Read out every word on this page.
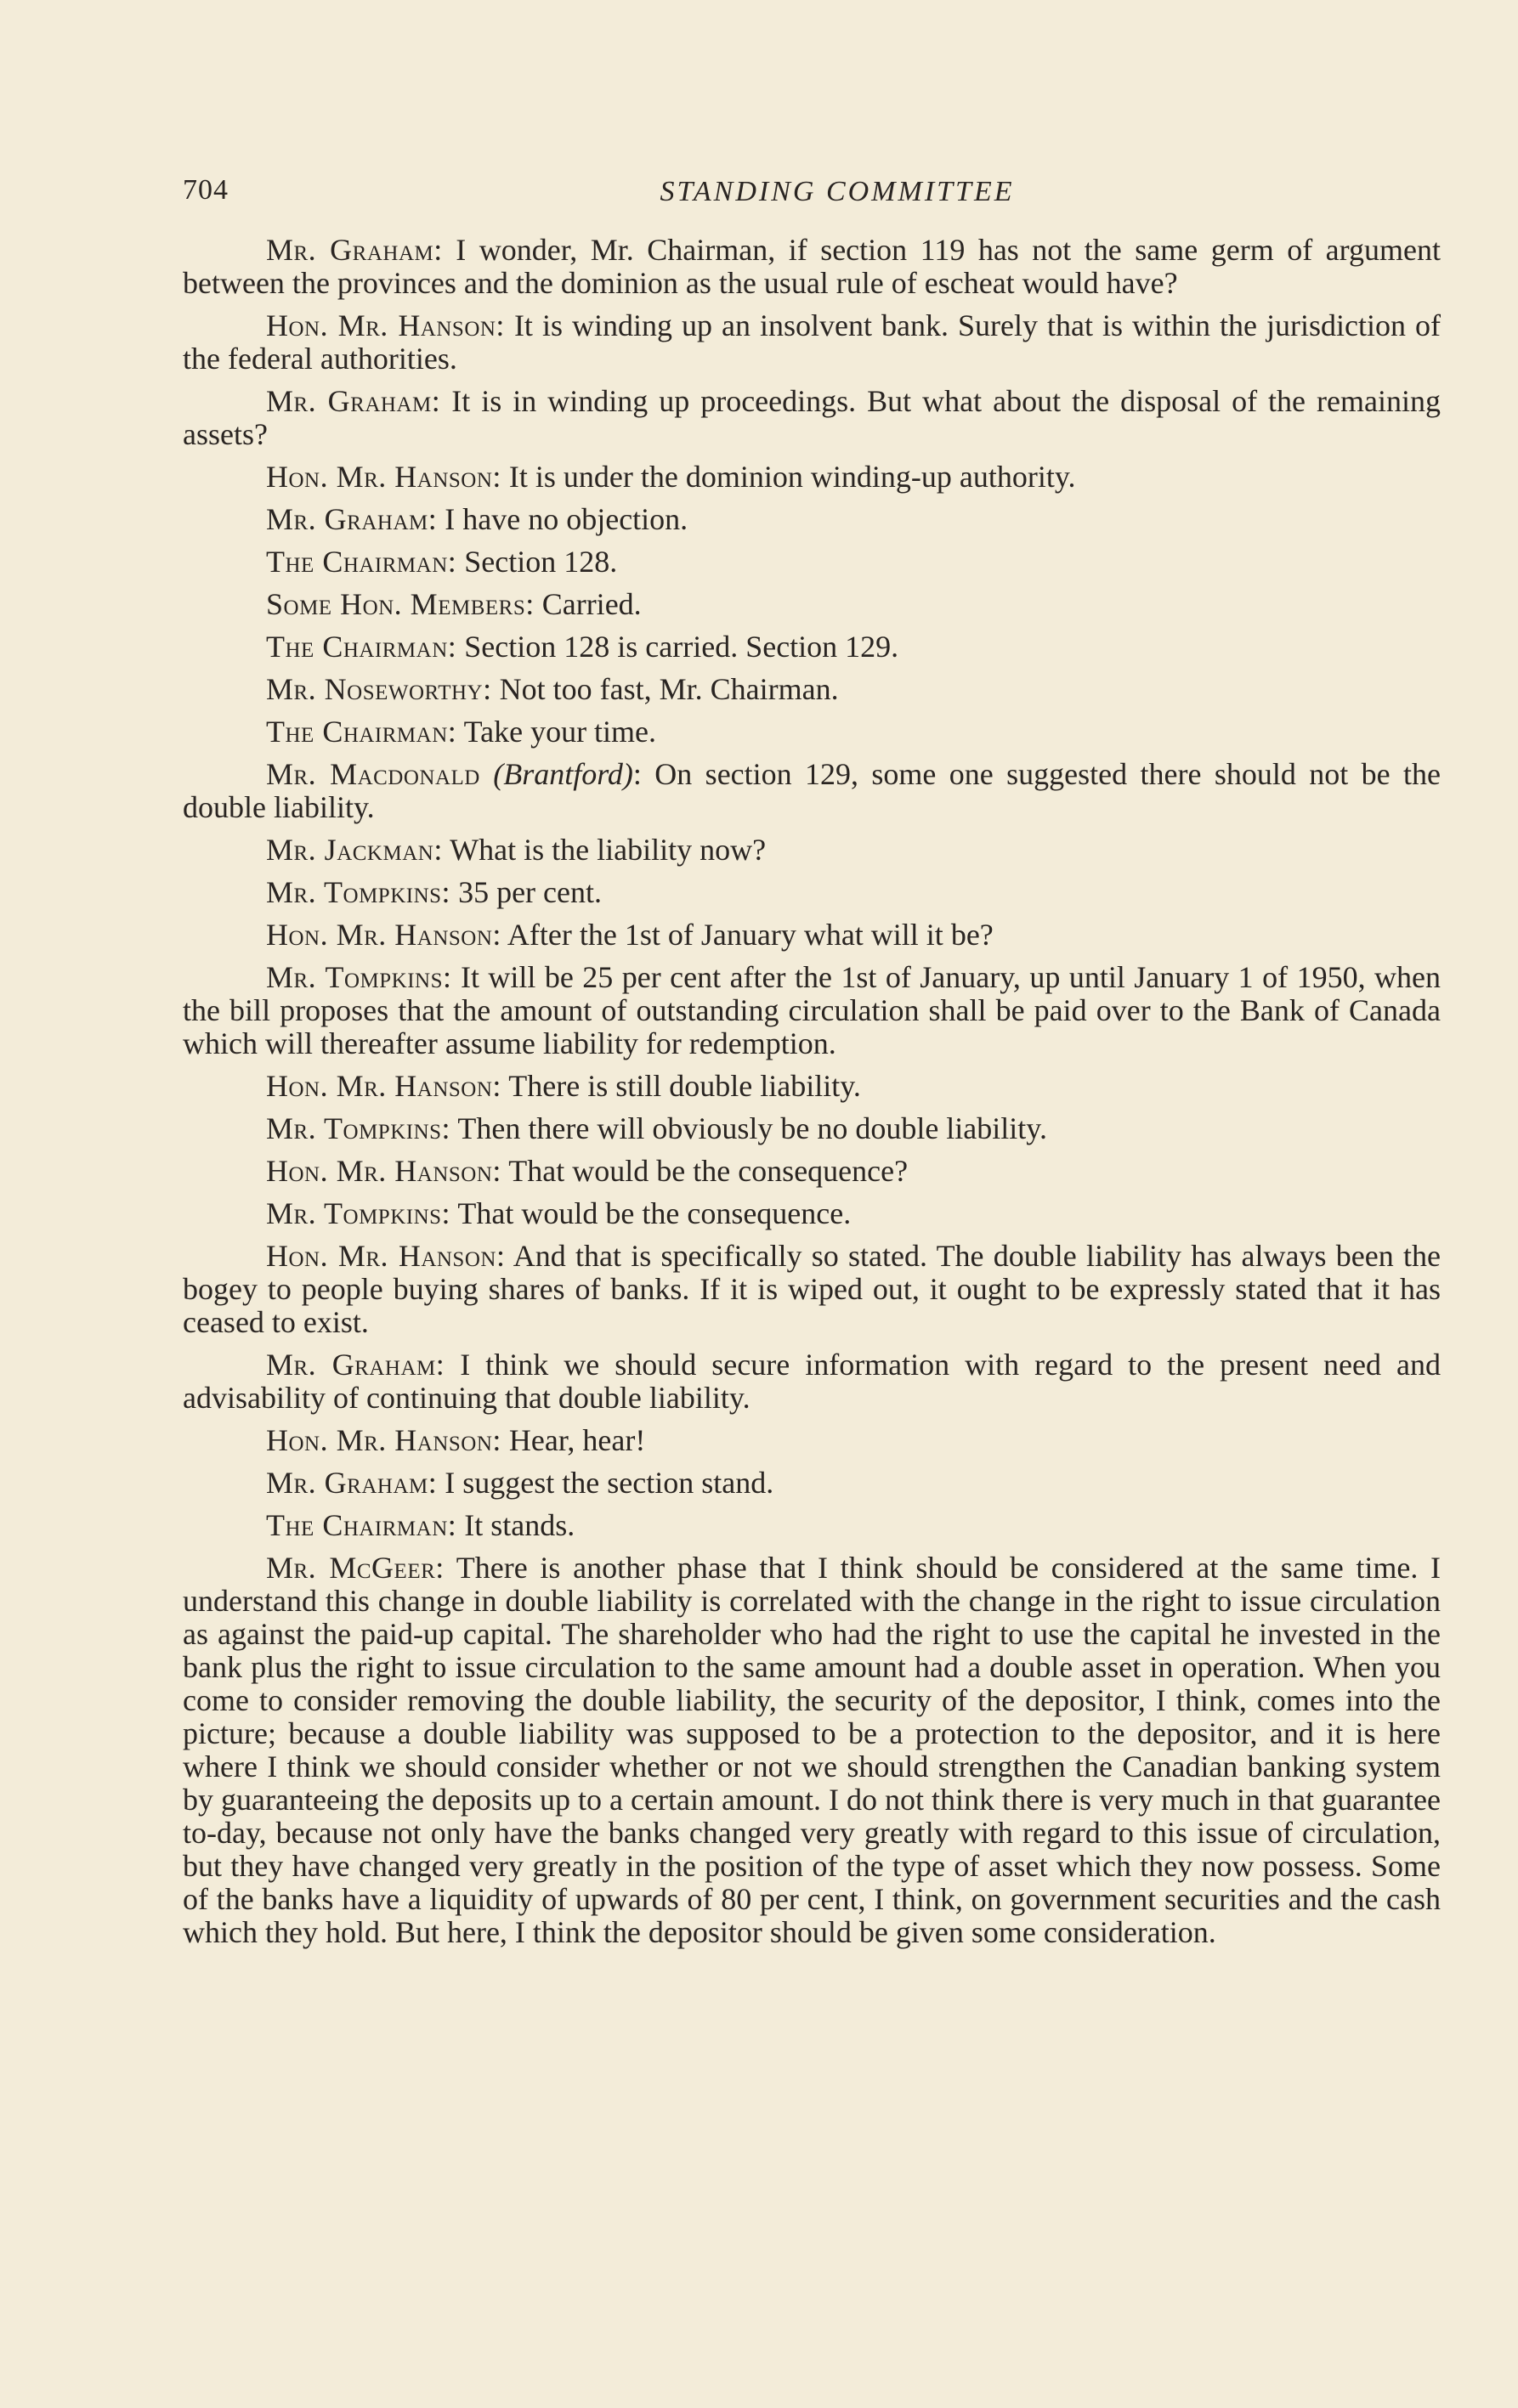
704	STANDING COMMITTEE

Mr. Graham: I wonder, Mr. Chairman, if section 119 has not the same germ of argument between the provinces and the dominion as the usual rule of escheat would have?

Hon. Mr. Hanson: It is winding up an insolvent bank. Surely that is within the jurisdiction of the federal authorities.

Mr. Graham: It is in winding up proceedings. But what about the disposal of the remaining assets?

Hon. Mr. Hanson: It is under the dominion winding-up authority.

Mr. Graham: I have no objection.

The Chairman: Section 128.

Some Hon. Members: Carried.

The Chairman: Section 128 is carried. Section 129.

Mr. Noseworthy: Not too fast, Mr. Chairman.

The Chairman: Take your time.

Mr. Macdonald (Brantford): On section 129, some one suggested there should not be the double liability.

Mr. Jackman: What is the liability now?

Mr. Tompkins: 35 per cent.

Hon. Mr. Hanson: After the 1st of January what will it be?

Mr. Tompkins: It will be 25 per cent after the 1st of January, up until January 1 of 1950, when the bill proposes that the amount of outstanding circulation shall be paid over to the Bank of Canada which will thereafter assume liability for redemption.

Hon. Mr. Hanson: There is still double liability.

Mr. Tompkins: Then there will obviously be no double liability.

Hon. Mr. Hanson: That would be the consequence?

Mr. Tompkins: That would be the consequence.

Hon. Mr. Hanson: And that is specifically so stated. The double liability has always been the bogey to people buying shares of banks. If it is wiped out, it ought to be expressly stated that it has ceased to exist.

Mr. Graham: I think we should secure information with regard to the present need and advisability of continuing that double liability.

Hon. Mr. Hanson: Hear, hear!

Mr. Graham: I suggest the section stand.

The Chairman: It stands.

Mr. McGeer: There is another phase that I think should be considered at the same time. I understand this change in double liability is correlated with the change in the right to issue circulation as against the paid-up capital. The shareholder who had the right to use the capital he invested in the bank plus the right to issue circulation to the same amount had a double asset in operation. When you come to consider removing the double liability, the security of the depositor, I think, comes into the picture; because a double liability was supposed to be a protection to the depositor, and it is here where I think we should consider whether or not we should strengthen the Canadian banking system by guaranteeing the deposits up to a certain amount. I do not think there is very much in that guarantee to-day, because not only have the banks changed very greatly with regard to this issue of circulation, but they have changed very greatly in the position of the type of asset which they now possess. Some of the banks have a liquidity of upwards of 80 per cent, I think, on government securities and the cash which they hold. But here, I think the depositor should be given some consideration.
